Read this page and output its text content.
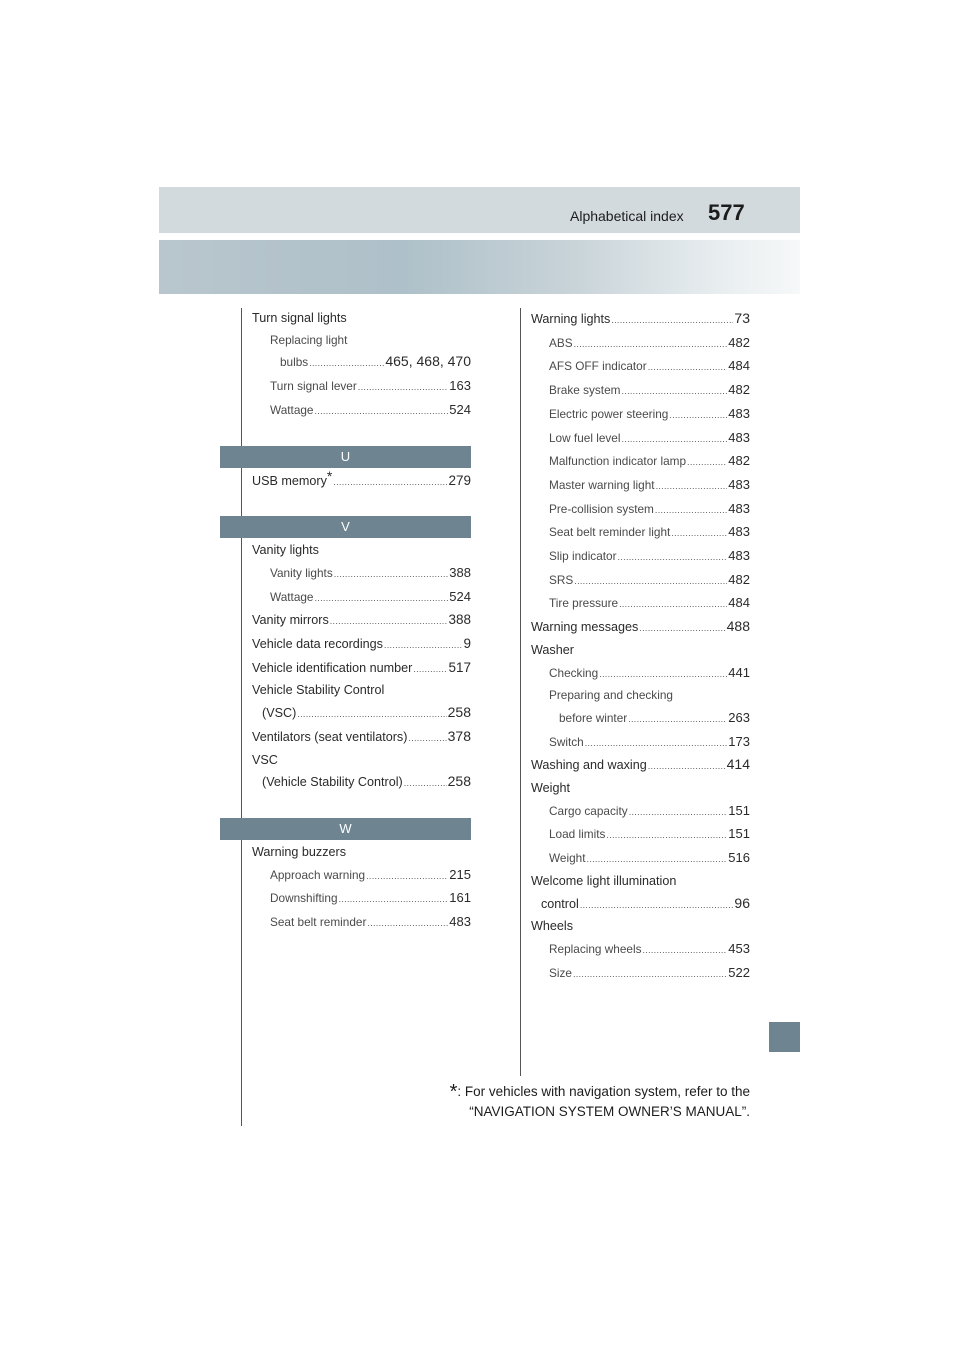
Alphabetical index 577
Turn signal lights
Replacing light
bulbs .....	465, 468, 470
Turn signal lever .....	163
Wattage .....	524
U
USB memory* .....	279
V
Vanity lights
Vanity lights .....	388
Wattage .....	524
Vanity mirrors .....	388
Vehicle data recordings .....	9
Vehicle identification number .....	517
Vehicle Stability Control
(VSC) .....	258
Ventilators (seat ventilators) .....	378
VSC
(Vehicle Stability Control) .....	258
W
Warning buzzers
Approach warning .....	215
Downshifting .....	161
Seat belt reminder .....	483
Warning lights .....	73
ABS .....	482
AFS OFF indicator .....	484
Brake system .....	482
Electric power steering .....	483
Low fuel level .....	483
Malfunction indicator lamp .....	482
Master warning light .....	483
Pre-collision system .....	483
Seat belt reminder light .....	483
Slip indicator .....	483
SRS .....	482
Tire pressure .....	484
Warning messages .....	488
Washer
Checking .....	441
Preparing and checking
before winter .....	263
Switch .....	173
Washing and waxing .....	414
Weight
Cargo capacity .....	151
Load limits .....	151
Weight .....	516
Welcome light illumination
control .....	96
Wheels
Replacing wheels .....	453
Size .....	522
*: For vehicles with navigation system, refer to the
“NAVIGATION SYSTEM OWNER’S MANUAL”.
